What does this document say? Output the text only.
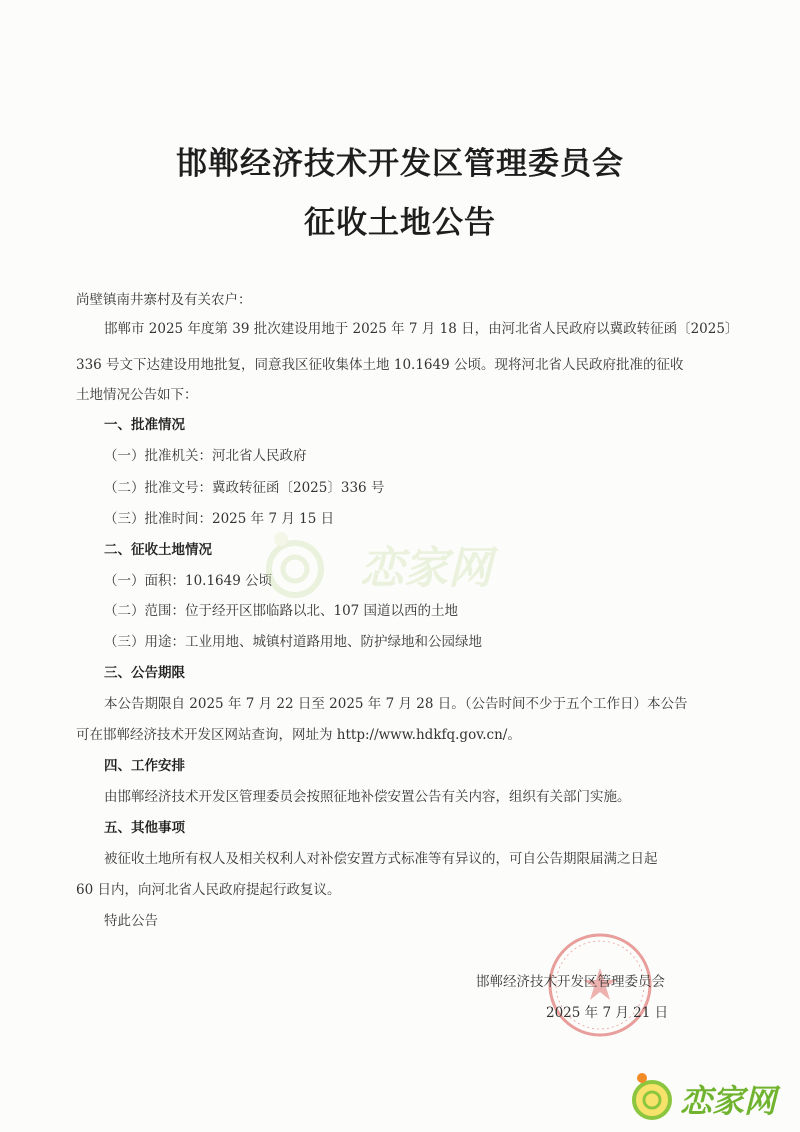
邯郸经济技术开发区管理委员会
征收土地公告
尚壁镇南井寨村及有关农户：
邯郸市 2025 年度第 39 批次建设用地于 2025 年 7 月 18 日，由河北省人民政府以冀政转征函〔2025〕
336 号文下达建设用地批复，同意我区征收集体土地 10.1649 公顷。现将河北省人民政府批准的征收
土地情况公告如下：
一、批准情况
（一）批准机关：河北省人民政府
（二）批准文号：冀政转征函〔2025〕336 号
（三）批准时间：2025 年 7 月 15 日
二、征收土地情况
（一）面积：10.1649 公顷
（二）范围：位于经开区邯临路以北、107 国道以西的土地
（三）用途：工业用地、城镇村道路用地、防护绿地和公园绿地
三、公告期限
本公告期限自 2025 年 7 月 22 日至 2025 年 7 月 28 日。（公告时间不少于五个工作日）本公告
可在邯郸经济技术开发区网站查询，网址为 http://www.hdkfq.gov.cn/。
四、工作安排
由邯郸经济技术开发区管理委员会按照征地补偿安置公告有关内容，组织有关部门实施。
五、其他事项
被征收土地所有权人及相关权利人对补偿安置方式标准等有异议的，可自公告期限届满之日起
60 日内，向河北省人民政府提起行政复议。
特此公告
邯郸经济技术开发区管理委员会
2025 年 7 月 21 日
恋家网
恋家网
